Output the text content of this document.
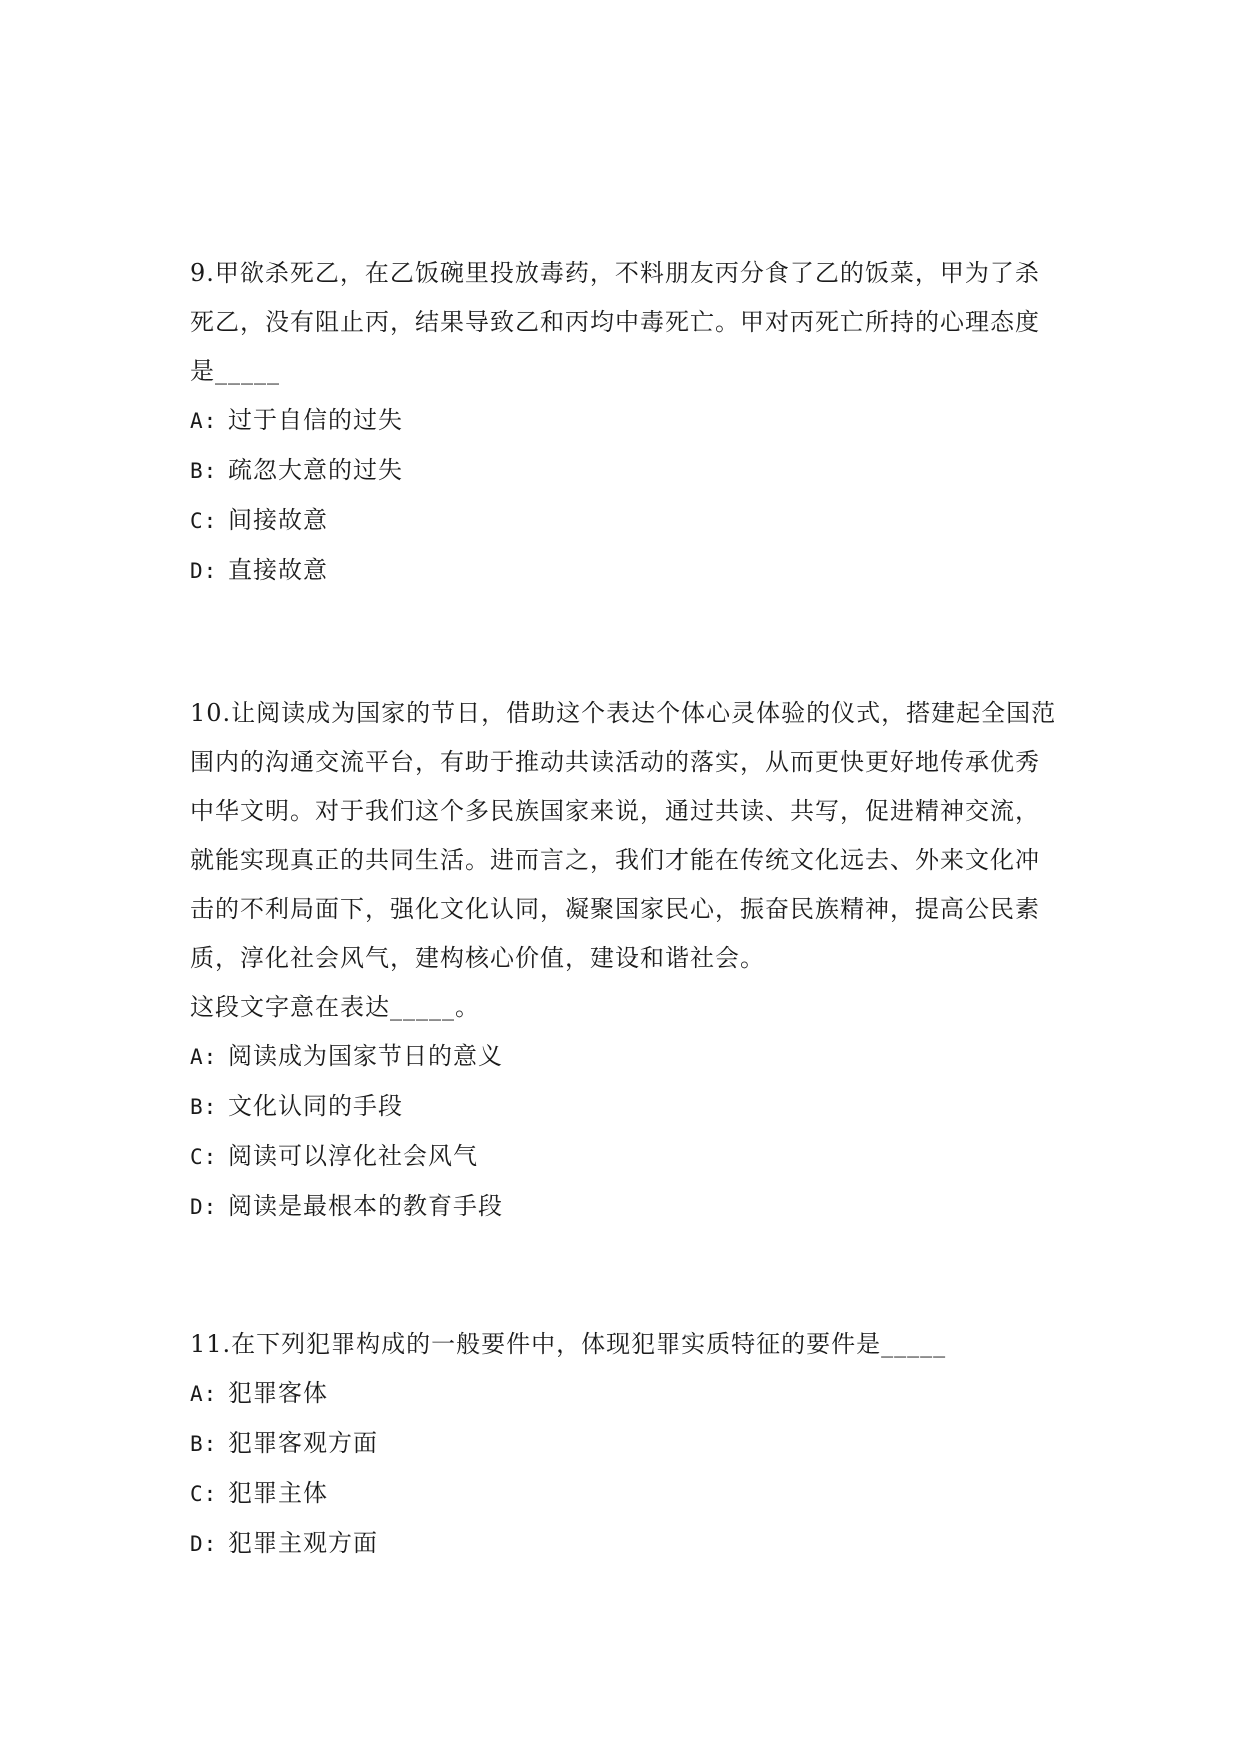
9.甲欲杀死乙，在乙饭碗里投放毒药，不料朋友丙分食了乙的饭菜，甲为了杀死乙，没有阻止丙，结果导致乙和丙均中毒死亡。甲对丙死亡所持的心理态度是_____

A: 过于自信的过失
B: 疏忽大意的过失
C: 间接故意
D: 直接故意

10.让阅读成为国家的节日，借助这个表达个体心灵体验的仪式，搭建起全国范围内的沟通交流平台，有助于推动共读活动的落实，从而更快更好地传承优秀中华文明。对于我们这个多民族国家来说，通过共读、共写，促进精神交流，就能实现真正的共同生活。进而言之，我们才能在传统文化远去、外来文化冲击的不利局面下，强化文化认同，凝聚国家民心，振奋民族精神，提高公民素质，淳化社会风气，建构核心价值，建设和谐社会。

这段文字意在表达_____。

A: 阅读成为国家节日的意义
B: 文化认同的手段
C: 阅读可以淳化社会风气
D: 阅读是最根本的教育手段

11.在下列犯罪构成的一般要件中，体现犯罪实质特征的要件是_____

A: 犯罪客体
B: 犯罪客观方面
C: 犯罪主体
D: 犯罪主观方面
